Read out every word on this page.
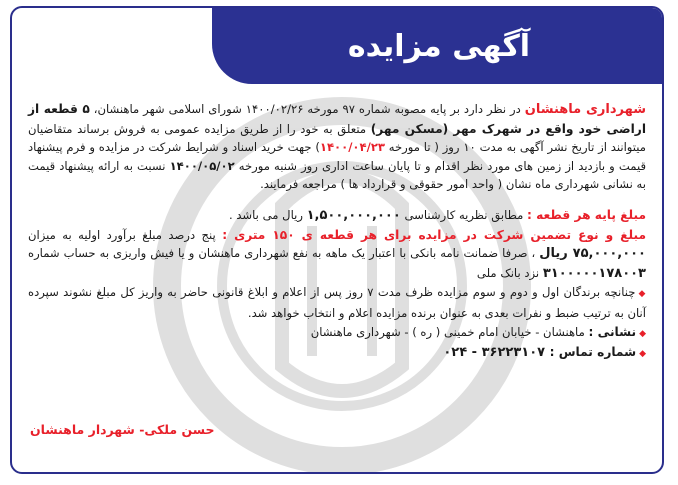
آگهی مزایده

شهرداری ماهنشان در نظر دارد بر پایه مصوبه شماره ۹۷ مورخه ۱۴۰۰/۰۲/۲۶ شورای اسلامی شهر ماهنشان، ۵ قطعه از اراضی خود واقع در شهرک مهر (مسکن مهر) متعلق به خود را از طریق مزایده عمومی به فروش برساند متقاضیان میتوانند از تاریخ نشر آگهی به مدت ۱۰ روز ( تا مورخه ۱۴۰۰/۰۴/۲۳) جهت خرید اسناد و شرایط شرکت در مزایده و فرم پیشنهاد قیمت و بازدید از زمین های مورد نظر اقدام و تا پایان ساعت اداری روز شنبه مورخه ۱۴۰۰/۰۵/۰۲ نسبت به ارائه پیشنهاد قیمت به نشانی شهرداری ماه نشان ( واحد امور حقوقی و قرارداد ها ) مراجعه فرمایند.

مبلغ پایه هر قطعه : مطابق نظریه کارشناسی ۱,۵۰۰,۰۰۰,۰۰۰ ریال می باشد .

مبلغ و نوع تضمین شرکت در مزایده برای هر قطعه ی ۱۵۰ متری : پنج درصد مبلغ برآورد اولیه به میزان ۷۵,۰۰۰,۰۰۰ ریال ، صرفا ضمانت نامه بانکی با اعتبار یک ماهه به نفع شهرداری ماهنشان و یا فیش واریزی به حساب شماره ۳۱۰۰۰۰۰۱۷۸۰۰۳ نزد بانک ملی

◆چنانچه برندگان اول و دوم و سوم مزایده ظرف مدت ۷ روز پس از اعلام و ابلاغ قانونی حاضر به واریز کل مبلغ نشوند سپرده آنان به ترتیب ضبط و نفرات بعدی به عنوان برنده مزایده اعلام و انتخاب خواهد شد.

◆نشانی : ماهنشان - خیابان امام خمینی ( ره ) - شهرداری ماهنشان

◆شماره تماس : ۳۶۲۲۳۱۰۷ - ۰۲۴

حسن ملکی- شهردار ماهنشان
